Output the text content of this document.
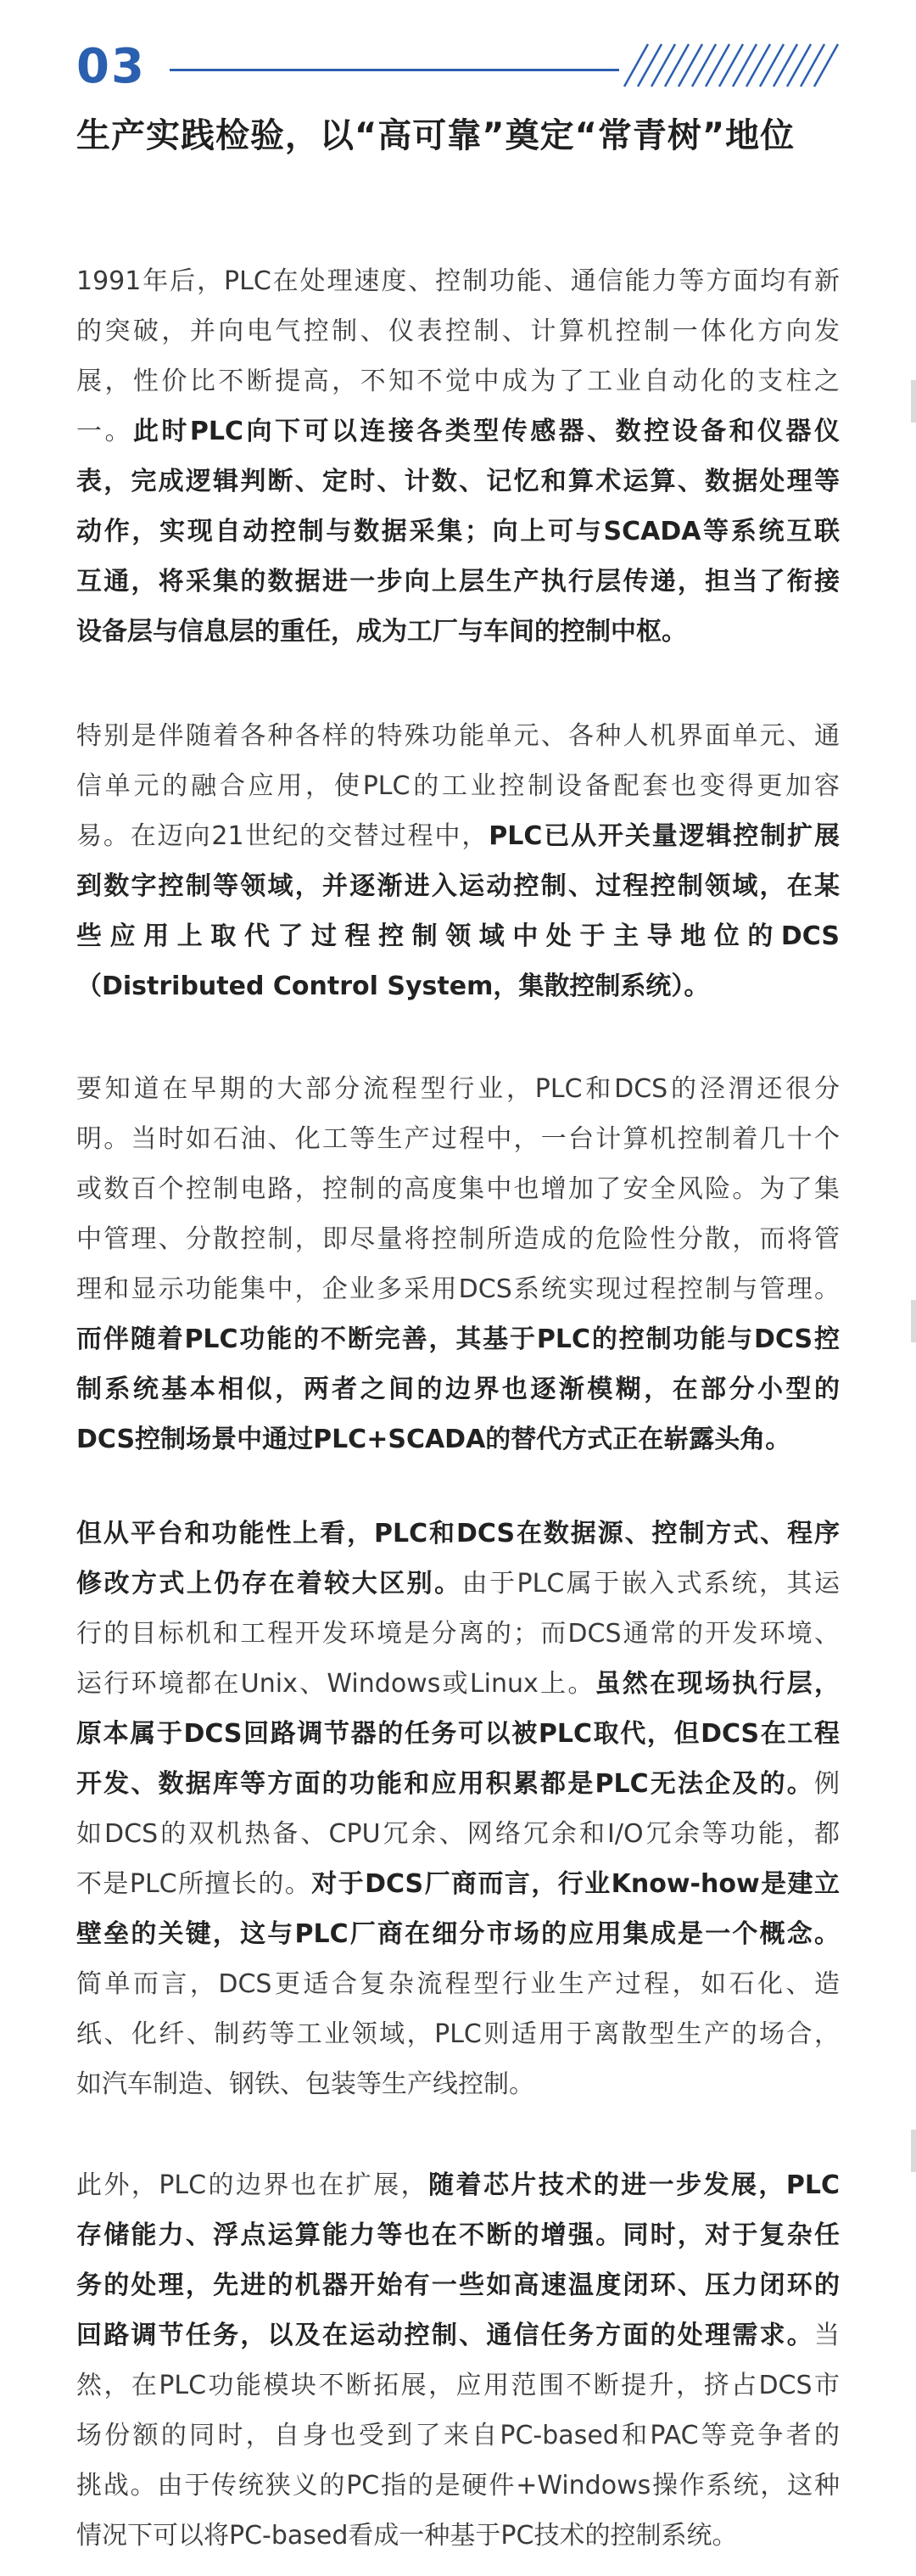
03
生产实践检验，以“高可靠”奠定“常青树”地位
1991年后，PLC在处理速度、控制功能、通信能力等方面均有新
的突破，并向电气控制、仪表控制、计算机控制一体化方向发
展，性价比不断提高，不知不觉中成为了工业自动化的支柱之
一。此时PLC向下可以连接各类型传感器、数控设备和仪器仪
表，完成逻辑判断、定时、计数、记忆和算术运算、数据处理等
动作，实现自动控制与数据采集；向上可与SCADA等系统互联
互通，将采集的数据进一步向上层生产执行层传递，担当了衔接
设备层与信息层的重任，成为工厂与车间的控制中枢。
特别是伴随着各种各样的特殊功能单元、各种人机界面单元、通
信单元的融合应用，使PLC的工业控制设备配套也变得更加容
易。在迈向21世纪的交替过程中，PLC已从开关量逻辑控制扩展
到数字控制等领域，并逐渐进入运动控制、过程控制领域，在某
些应用上取代了过程控制领域中处于主导地位的DCS
（Distributed Control System，集散控制系统）。
要知道在早期的大部分流程型行业，PLC和DCS的泾渭还很分
明。当时如石油、化工等生产过程中，一台计算机控制着几十个
或数百个控制电路，控制的高度集中也增加了安全风险。为了集
中管理、分散控制，即尽量将控制所造成的危险性分散，而将管
理和显示功能集中，企业多采用DCS系统实现过程控制与管理。
而伴随着PLC功能的不断完善，其基于PLC的控制功能与DCS控
制系统基本相似，两者之间的边界也逐渐模糊，在部分小型的
DCS控制场景中通过PLC+SCADA的替代方式正在崭露头角。
但从平台和功能性上看，PLC和DCS在数据源、控制方式、程序
修改方式上仍存在着较大区别。由于PLC属于嵌入式系统，其运
行的目标机和工程开发环境是分离的；而DCS通常的开发环境、
运行环境都在Unix、Windows或Linux上。虽然在现场执行层，
原本属于DCS回路调节器的任务可以被PLC取代，但DCS在工程
开发、数据库等方面的功能和应用积累都是PLC无法企及的。例
如DCS的双机热备、CPU冗余、网络冗余和I/O冗余等功能，都
不是PLC所擅长的。对于DCS厂商而言，行业Know-how是建立
壁垒的关键，这与PLC厂商在细分市场的应用集成是一个概念。
简单而言，DCS更适合复杂流程型行业生产过程，如石化、造
纸、化纤、制药等工业领域，PLC则适用于离散型生产的场合，
如汽车制造、钢铁、包装等生产线控制。
此外，PLC的边界也在扩展，随着芯片技术的进一步发展，PLC
存储能力、浮点运算能力等也在不断的增强。同时，对于复杂任
务的处理，先进的机器开始有一些如高速温度闭环、压力闭环的
回路调节任务，以及在运动控制、通信任务方面的处理需求。当
然，在PLC功能模块不断拓展，应用范围不断提升，挤占DCS市
场份额的同时，自身也受到了来自PC-based和PAC等竞争者的
挑战。由于传统狭义的PC指的是硬件+Windows操作系统，这种
情况下可以将PC-based看成一种基于PC技术的控制系统。
